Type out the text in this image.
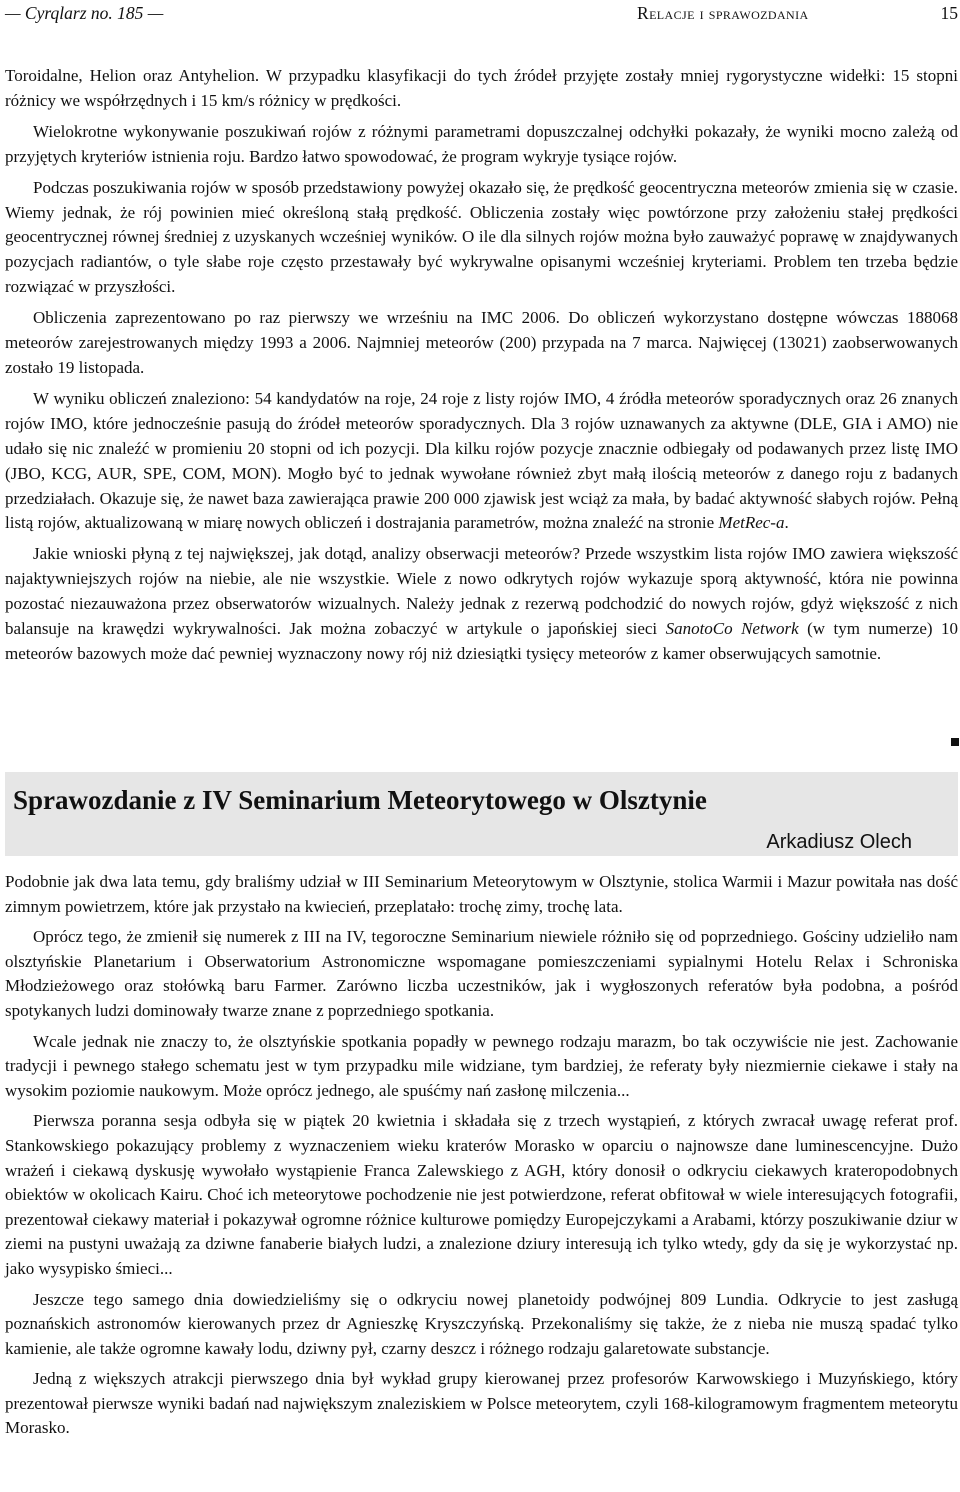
— Cyrqlarz no. 185 —	Relacje i sprawozdania	15

Toroidalne, Helion oraz Antyhelion. W przypadku klasyfikacji do tych źródeł przyjęte zostały mniej rygorystyczne widełki: 15 stopni różnicy we współrzędnych i 15 km/s różnicy w prędkości.

Wielokrotne wykonywanie poszukiwań rojów z różnymi parametrami dopuszczalnej odchyłki pokazały, że wyniki mocno zależą od przyjętych kryteriów istnienia roju. Bardzo łatwo spowodować, że program wykryje tysiące rojów.

Podczas poszukiwania rojów w sposób przedstawiony powyżej okazało się, że prędkość geocentryczna meteorów zmienia się w czasie. Wiemy jednak, że rój powinien mieć określoną stałą prędkość. Obliczenia zostały więc powtórzone przy założeniu stałej prędkości geocentrycznej równej średniej z uzyskanych wcześniej wyników. O ile dla silnych rojów można było zauważyć poprawę w znajdywanych pozycjach radiantów, o tyle słabe roje często przestawały być wykrywalne opisanymi wcześniej kryteriami. Problem ten trzeba będzie rozwiązać w przyszłości.

Obliczenia zaprezentowano po raz pierwszy we wrześniu na IMC 2006. Do obliczeń wykorzystano dostępne wówczas 188068 meteorów zarejestrowanych między 1993 a 2006. Najmniej meteorów (200) przypada na 7 marca. Najwięcej (13021) zaobserwowanych zostało 19 listopada.

W wyniku obliczeń znaleziono: 54 kandydatów na roje, 24 roje z listy rojów IMO, 4 źródła meteorów sporadycznych oraz 26 znanych rojów IMO, które jednocześnie pasują do źródeł meteorów sporadycznych. Dla 3 rojów uznawanych za aktywne (DLE, GIA i AMO) nie udało się nic znaleźć w promieniu 20 stopni od ich pozycji. Dla kilku rojów pozycje znacznie odbiegały od podawanych przez listę IMO (JBO, KCG, AUR, SPE, COM, MON). Mogło być to jednak wywołane również zbyt małą ilością meteorów z danego roju z badanych przedziałach. Okazuje się, że nawet baza zawierająca prawie 200 000 zjawisk jest wciąż za mała, by badać aktywność słabych rojów. Pełną listą rojów, aktualizowaną w miarę nowych obliczeń i dostrajania parametrów, można znaleźć na stronie MetRec-a.

Jakie wnioski płyną z tej największej, jak dotąd, analizy obserwacji meteorów? Przede wszystkim lista rojów IMO zawiera większość najaktywniejszych rojów na niebie, ale nie wszystkie. Wiele z nowo odkrytych rojów wykazuje sporą aktywność, która nie powinna pozostać niezauważona przez obserwatorów wizualnych. Należy jednak z rezerwą podchodzić do nowych rojów, gdyż większość z nich balansuje na krawędzi wykrywalności. Jak można zobaczyć w artykule o japońskiej sieci SanotoCo Network (w tym numerze) 10 meteorów bazowych może dać pewniej wyznaczony nowy rój niż dziesiątki tysięcy meteorów z kamer obserwujących samotnie.

Sprawozdanie z IV Seminarium Meteorytowego w Olsztynie
Arkadiusz Olech

Podobnie jak dwa lata temu, gdy braliśmy udział w III Seminarium Meteorytowym w Olsztynie, stolica Warmii i Mazur powitała nas dość zimnym powietrzem, które jak przystało na kwiecień, przeplatało: trochę zimy, trochę lata.

Oprócz tego, że zmienił się numerek z III na IV, tegoroczne Seminarium niewiele różniło się od poprzedniego. Gościny udzieliło nam olsztyńskie Planetarium i Obserwatorium Astronomiczne wspomagane pomieszczeniami sypialnymi Hotelu Relax i Schroniska Młodzieżowego oraz stołówką baru Farmer. Zarówno liczba uczestników, jak i wygłoszonych referatów była podobna, a pośród spotykanych ludzi dominowały twarze znane z poprzedniego spotkania.

Wcale jednak nie znaczy to, że olsztyńskie spotkania popadły w pewnego rodzaju marazm, bo tak oczywiście nie jest. Zachowanie tradycji i pewnego stałego schematu jest w tym przypadku mile widziane, tym bardziej, że referaty były niezmiernie ciekawe i stały na wysokim poziomie naukowym. Może oprócz jednego, ale spuśćmy nań zasłonę milczenia...

Pierwsza poranna sesja odbyła się w piątek 20 kwietnia i składała się z trzech wystąpień, z których zwracał uwagę referat prof. Stankowskiego pokazujący problemy z wyznaczeniem wieku kraterów Morasko w oparciu o najnowsze dane luminescencyjne. Dużo wrażeń i ciekawą dyskusję wywołało wystąpienie Franca Zalewskiego z AGH, który donosił o odkryciu ciekawych krateropodobnych obiektów w okolicach Kairu. Choć ich meteorytowe pochodzenie nie jest potwierdzone, referat obfitował w wiele interesujących fotografii, prezentował ciekawy materiał i pokazywał ogromne różnice kulturowe pomiędzy Europejczykami a Arabami, którzy poszukiwanie dziur w ziemi na pustyni uważają za dziwne fanaberie białych ludzi, a znalezione dziury interesują ich tylko wtedy, gdy da się je wykorzystać np. jako wysypisko śmieci...

Jeszcze tego samego dnia dowiedzieliśmy się o odkryciu nowej planetoidy podwójnej 809 Lundia. Odkrycie to jest zasługą poznańskich astronomów kierowanych przez dr Agnieszkę Kryszczyńską. Przekonaliśmy się także, że z nieba nie muszą spadać tylko kamienie, ale także ogromne kawały lodu, dziwny pył, czarny deszcz i różnego rodzaju galaretowate substancje.

Jedną z większych atrakcji pierwszego dnia był wykład grupy kierowanej przez profesorów Karwowskiego i Muzyńskiego, który prezentował pierwsze wyniki badań nad największym znaleziskiem w Polsce meteorytem, czyli 168-kilogramowym fragmentem meteorytu Morasko.
